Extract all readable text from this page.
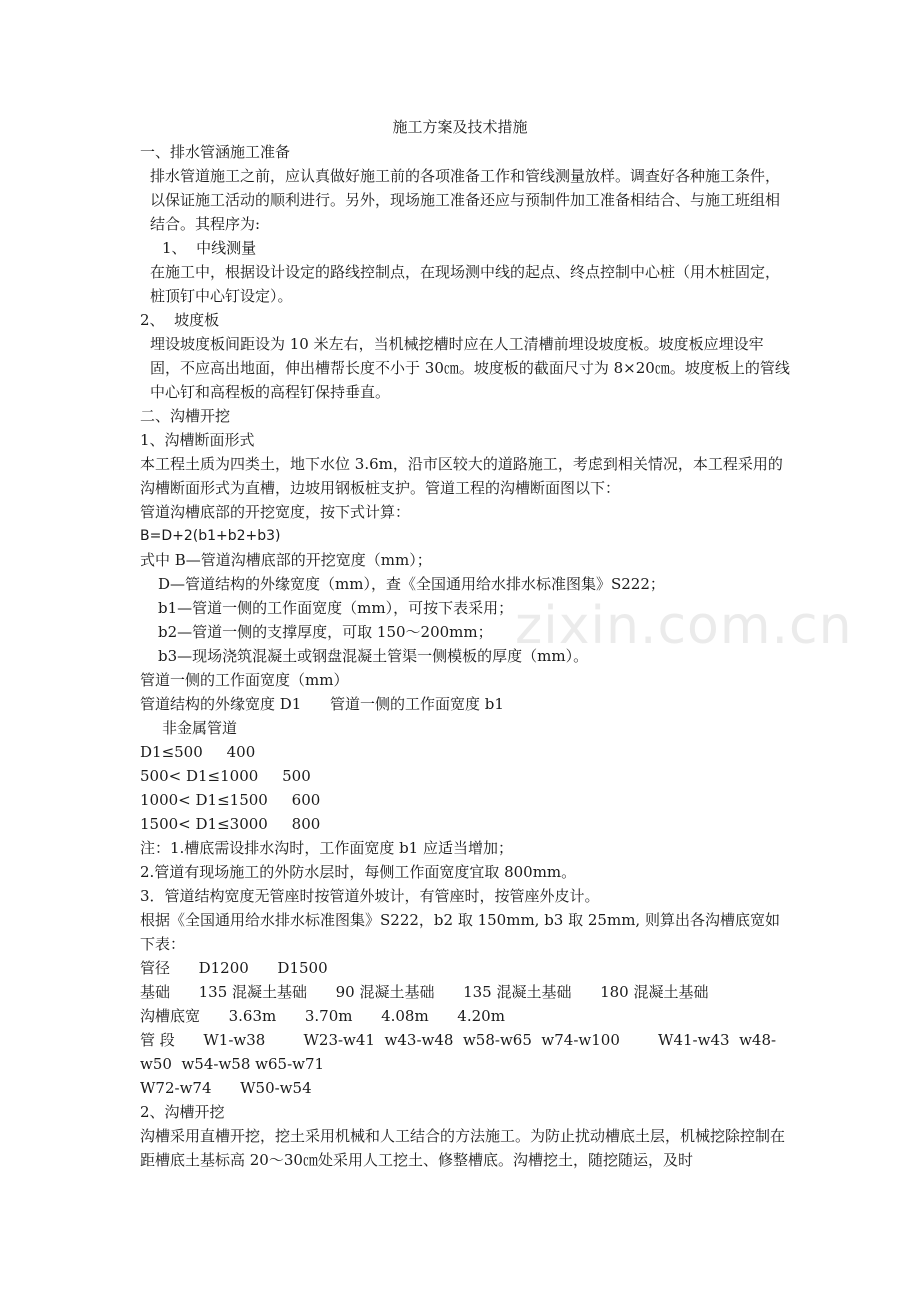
zixin.com.cn
施工方案及技术措施
一、排水管涵施工准备
排水管道施工之前，应认真做好施工前的各项准备工作和管线测量放样。调查好各种施工条件，以保证施工活动的顺利进行。另外，现场施工准备还应与预制件加工准备相结合、与施工班组相结合。其程序为:
1、  中线测量
在施工中，根据设计设定的路线控制点，在现场测中线的起点、终点控制中心桩（用木桩固定，桩顶钉中心钉设定）。
2、  坡度板
埋设坡度板间距设为 10 米左右，当机械挖槽时应在人工清槽前埋设坡度板。坡度板应埋设牢固，不应高出地面，伸出槽帮长度不小于 30㎝。坡度板的截面尺寸为 8×20㎝。坡度板上的管线中心钉和高程板的高程钉保持垂直。
二、沟槽开挖
1、沟槽断面形式
本工程土质为四类土，地下水位 3.6m，沿市区较大的道路施工，考虑到相关情况，本工程采用的沟槽断面形式为直槽，边坡用钢板桩支护。管道工程的沟槽断面图以下：
管道沟槽底部的开挖宽度，按下式计算：
B=D+2(b1+b2+b3)
式中 B—管道沟槽底部的开挖宽度（mm）；
D—管道结构的外缘宽度（mm），查《全国通用给水排水标准图集》S222；
b1—管道一侧的工作面宽度（mm），可按下表采用；
b2—管道一侧的支撑厚度，可取 150～200mm；
b3—现场浇筑混凝土或钢盘混凝土管渠一侧模板的厚度（mm）。
管道一侧的工作面宽度（mm）
管道结构的外缘宽度 D1      管道一侧的工作面宽度 b1
非金属管道
D1≤500     400
500< D1≤1000     500
1000< D1≤1500     600
1500< D1≤3000     800
注：1.槽底需设排水沟时，工作面宽度 b1 应适当增加；
2.管道有现场施工的外防水层时，每侧工作面宽度宜取 800mm。
3．管道结构宽度无管座时按管道外坡计，有管座时，按管座外皮计。
根据《全国通用给水排水标准图集》S222，b2 取 150mm, b3 取 25mm, 则算出各沟槽底宽如下表：
管径      D1200      D1500
基础      135 混凝土基础      90 混凝土基础      135 混凝土基础      180 混凝土基础
沟槽底宽      3.63m      3.70m      4.08m      4.20m
管 段      W1-w38        W23-w41  w43-w48  w58-w65  w74-w100        W41-w43  w48-w50  w54-w58 w65-w71
W72-w74      W50-w54
2、沟槽开挖
沟槽采用直槽开挖，挖土采用机械和人工结合的方法施工。为防止扰动槽底土层，机械挖除控制在距槽底土基标高 20～30㎝处采用人工挖土、修整槽底。沟槽挖土，随挖随运，及时
